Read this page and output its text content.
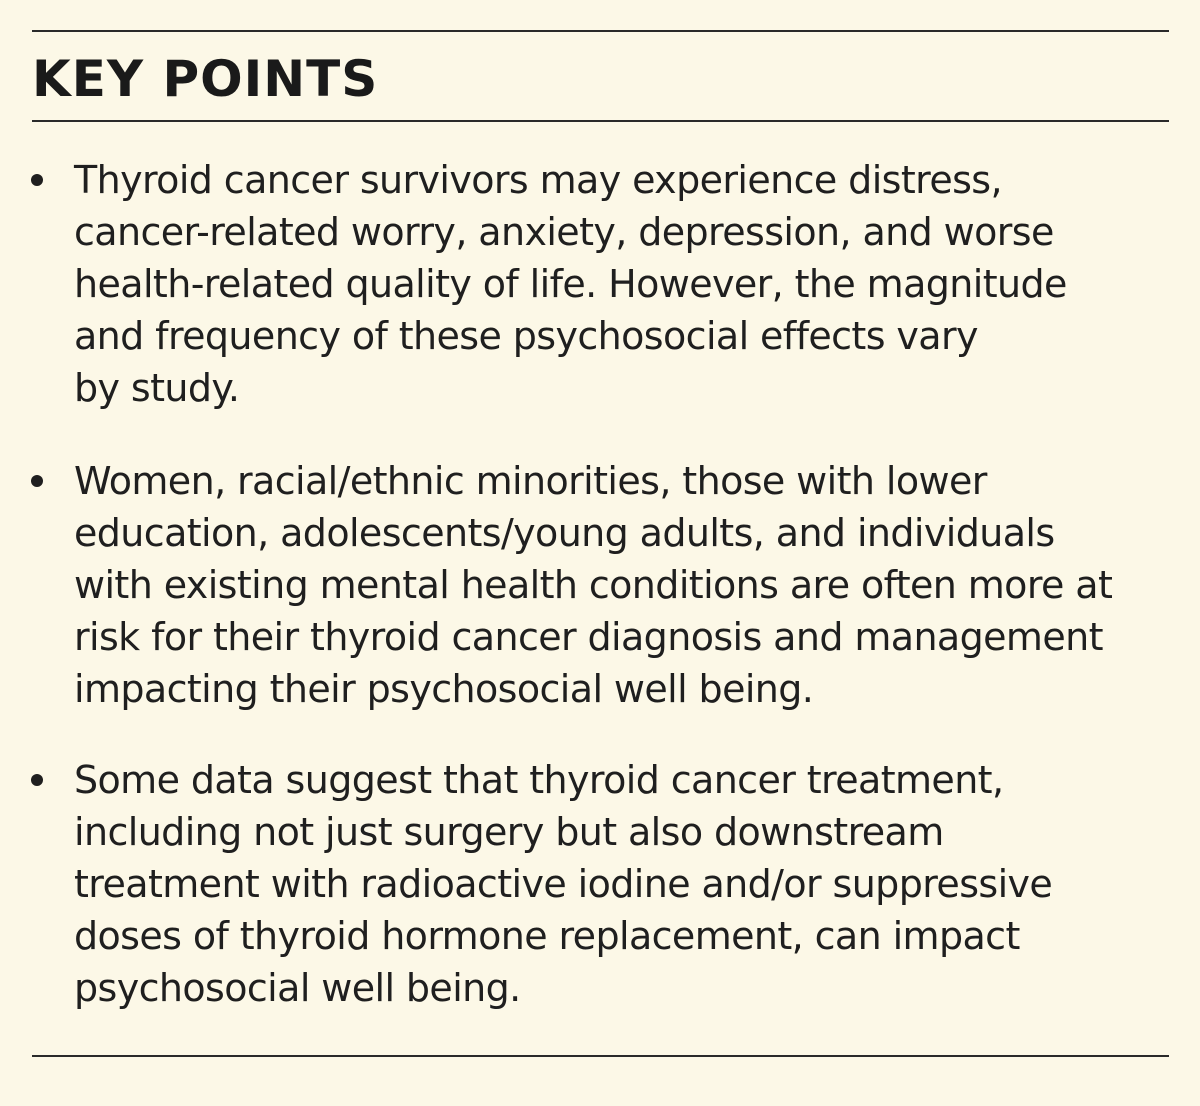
KEY POINTS
Thyroid cancer survivors may experience distress,
cancer-related worry, anxiety, depression, and worse
health-related quality of life. However, the magnitude
and frequency of these psychosocial effects vary
by study.
Women, racial/ethnic minorities, those with lower
education, adolescents/young adults, and individuals
with existing mental health conditions are often more at
risk for their thyroid cancer diagnosis and management
impacting their psychosocial well being.
Some data suggest that thyroid cancer treatment,
including not just surgery but also downstream
treatment with radioactive iodine and/or suppressive
doses of thyroid hormone replacement, can impact
psychosocial well being.
